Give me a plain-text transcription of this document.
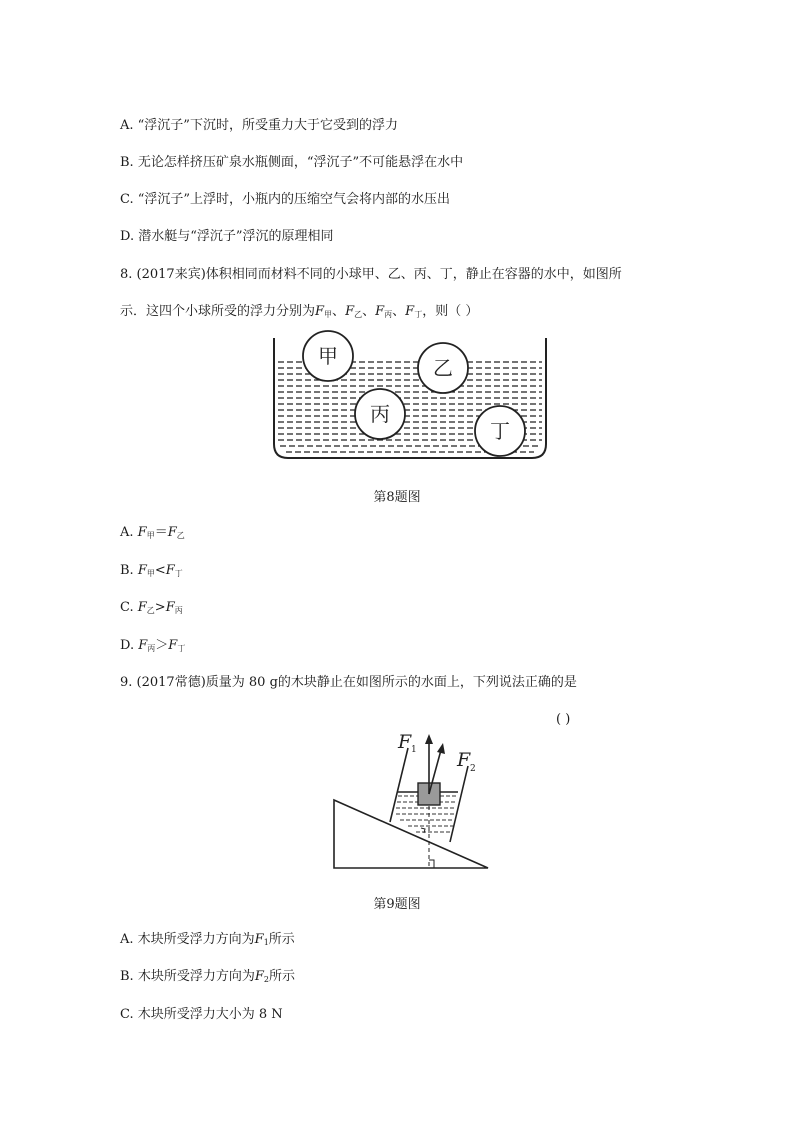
A. “浮沉子”下沉时，所受重力大于它受到的浮力
B. 无论怎样挤压矿泉水瓶侧面，“浮沉子”不可能悬浮在水中
C. “浮沉子”上浮时，小瓶内的压缩空气会将内部的水压出
D. 潜水艇与“浮沉子”浮沉的原理相同
8. (2017来宾)体积相同而材料不同的小球甲、乙、丙、丁，静止在容器的水中，如图所
示．这四个小球所受的浮力分别为F甲、F乙、F丙、F丁，则（ ）
甲	乙
丙
丁
第8题图
A. F甲＝F乙
B. F甲<F丁
C. F乙>F丙
D. F丙＞F丁
9. (2017常德)质量为 80 g的木块静止在如图所示的水面上，下列说法正确的是
( )
F 1 F 2
第9题图
A. 木块所受浮力方向为F1所示
B. 木块所受浮力方向为F2所示
C. 木块所受浮力大小为 8 N
